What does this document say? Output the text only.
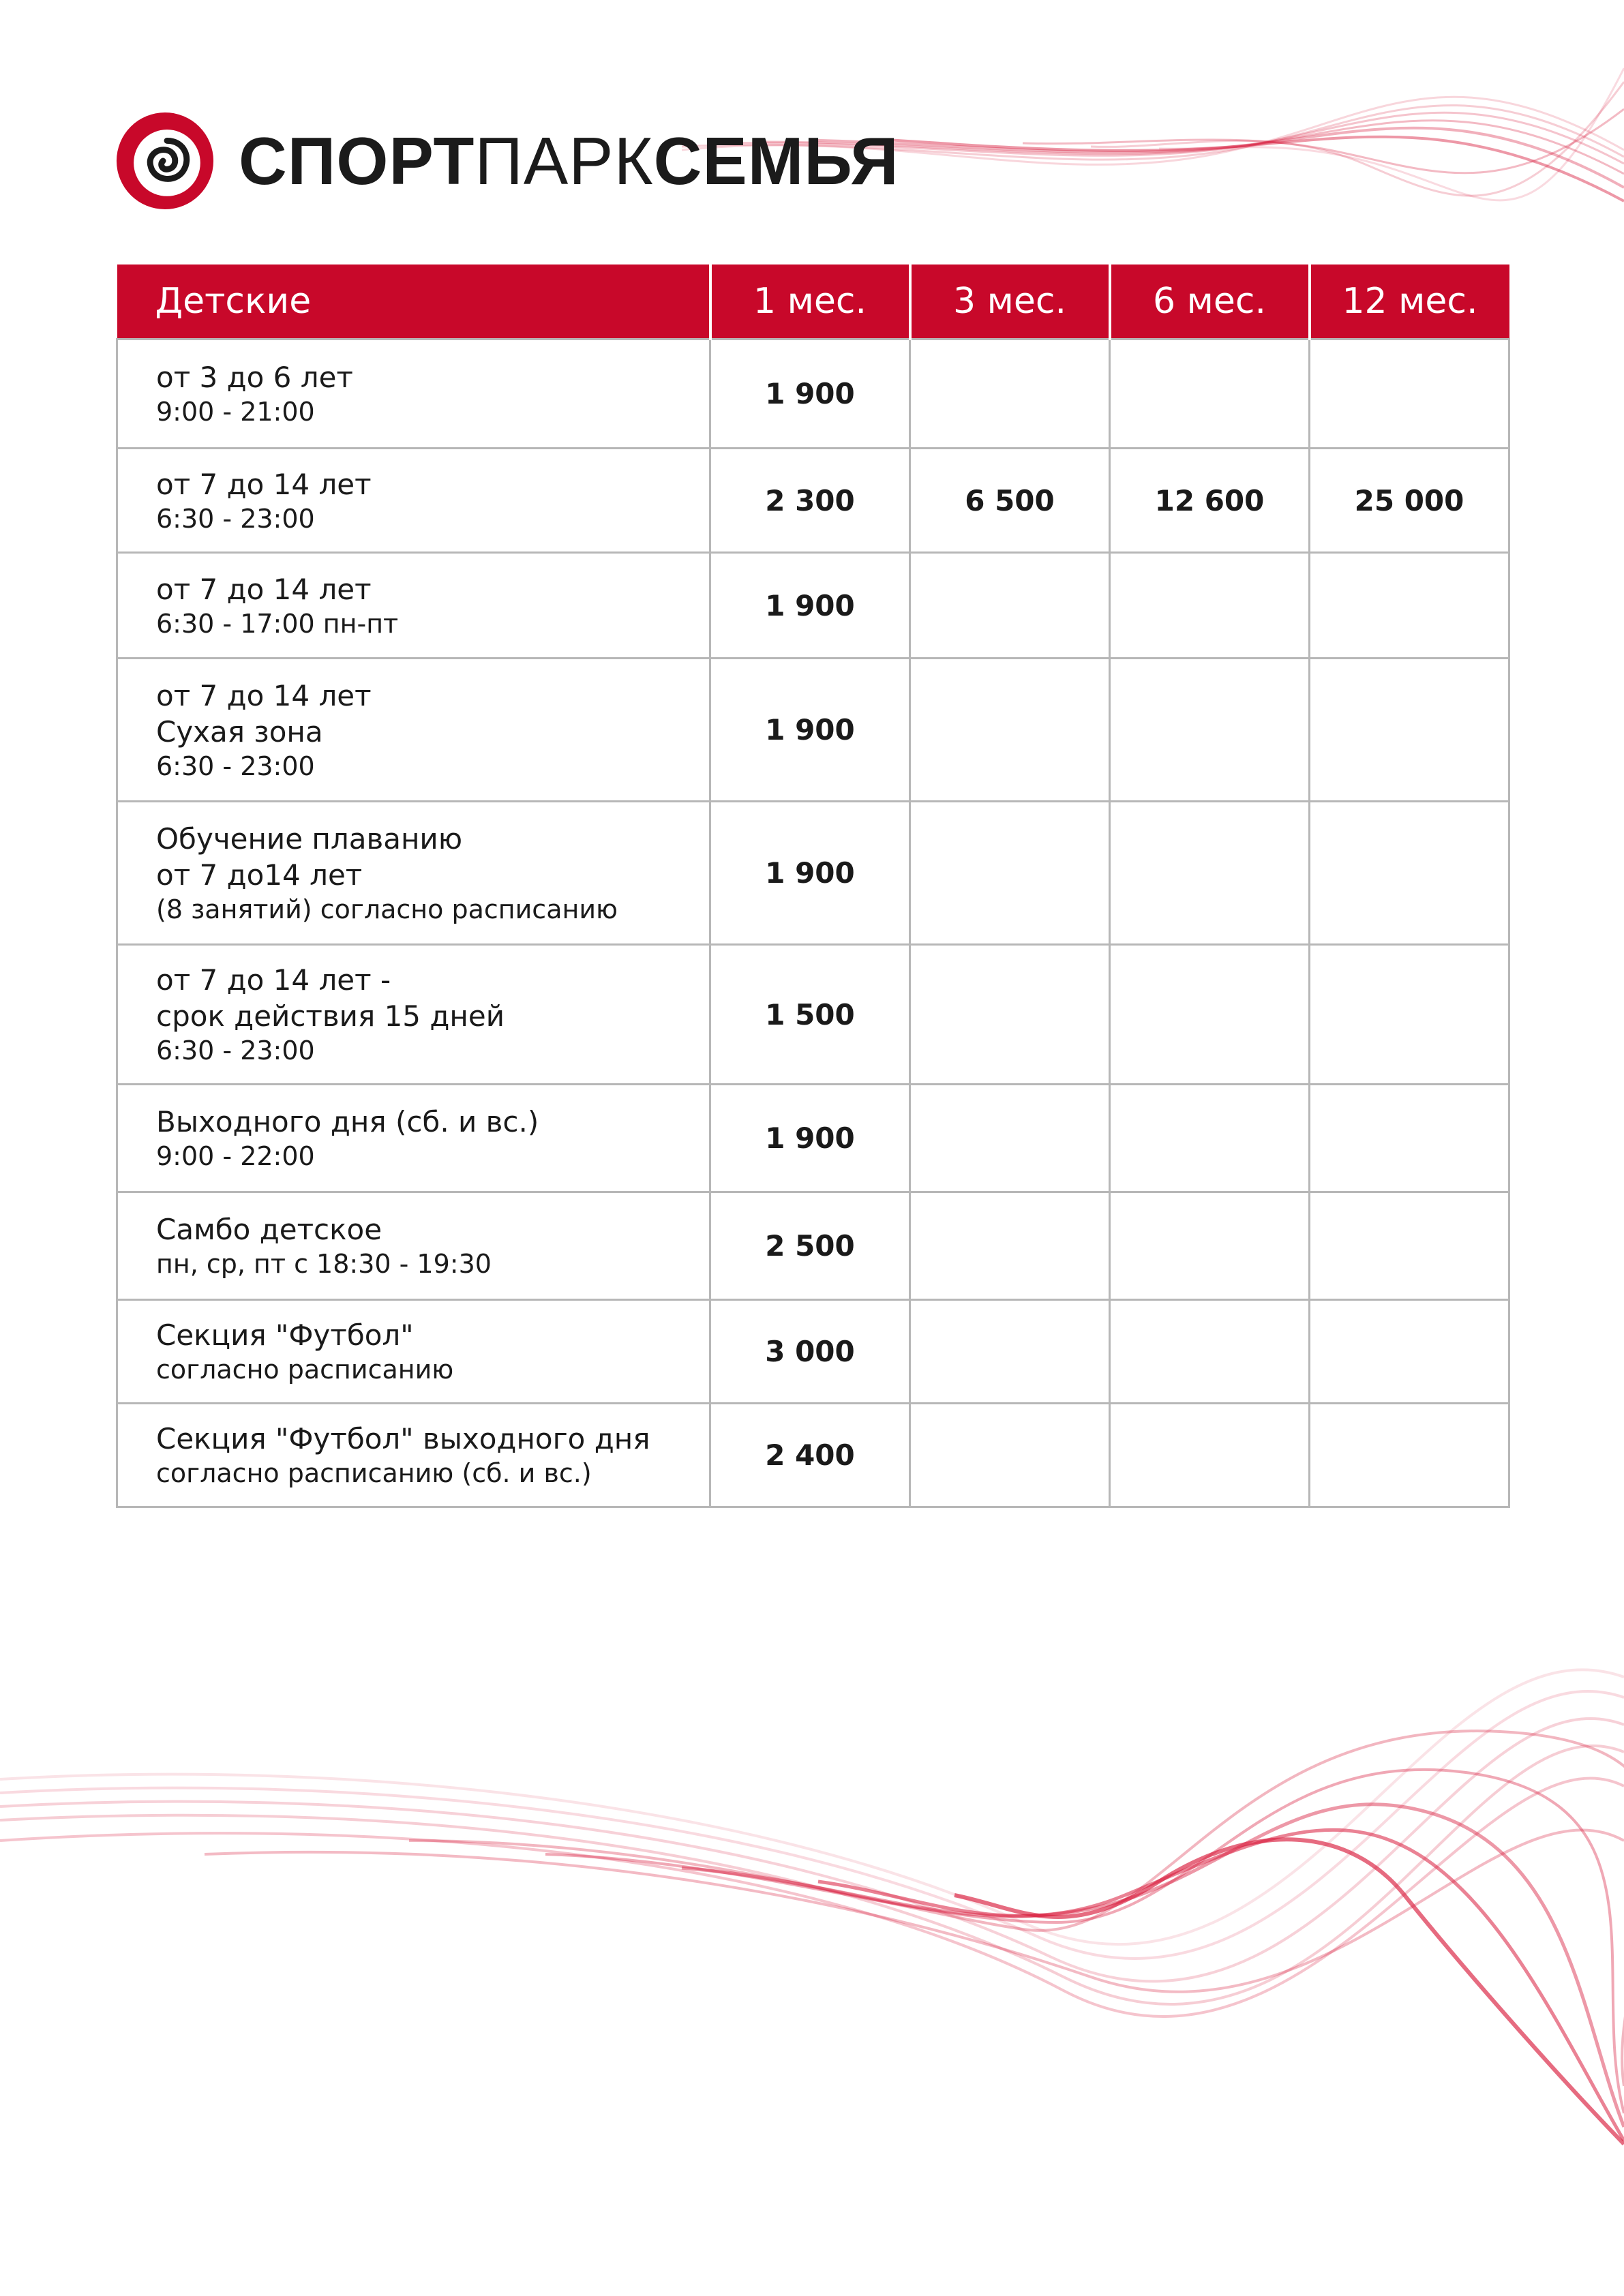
СПОРТ ПАРК СЕМЬЯ
Детские	1 мес.	3 мес.	6 мес.	12 мес.

от 3 до 6 лет
9:00 - 21:00	1 900			

от 7 до 14 лет
6:30 - 23:00	2 300	6 500	12 600	25 000

от 7 до 14 лет
6:30 - 17:00 пн-пт	1 900			

от 7 до 14 лет
Сухая зона
6:30 - 23:00	1 900			

Обучение плаванию
от 7 до14 лет
(8 занятий) согласно расписанию	1 900			

от 7 до 14 лет -
срок действия 15 дней
6:30 - 23:00	1 500			

Выходного дня (сб. и вс.)
9:00 - 22:00	1 900			

Самбо детское
пн, ср, пт с 18:30 - 19:30	2 500			

Секция "Футбол"
согласно расписанию	3 000			

Секция "Футбол" выходного дня
согласно расписанию (сб. и вс.)	2 400			
